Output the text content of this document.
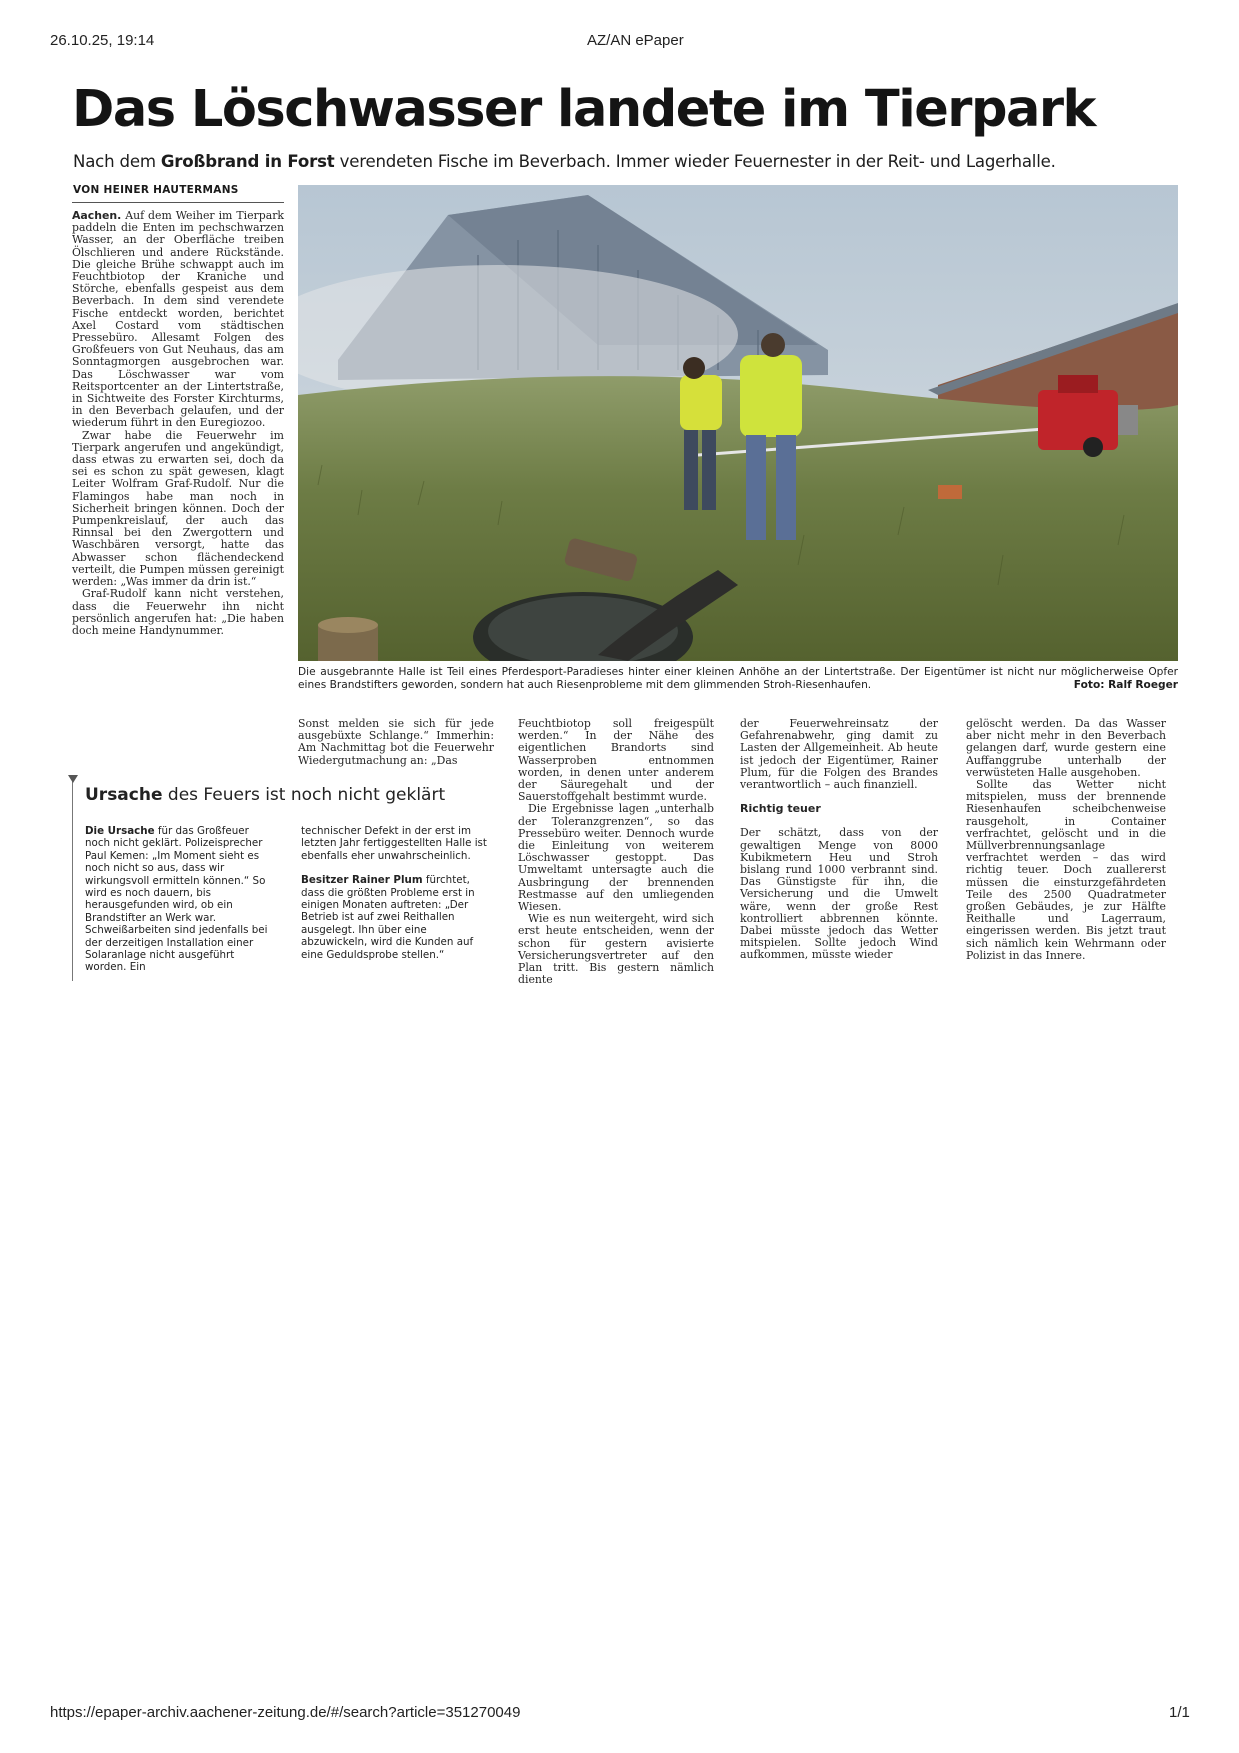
26.10.25, 19:14	AZ/AN ePaper
Das Löschwasser landete im Tierpark

Nach dem Großbrand in Forst verendeten Fische im Beverbach. Immer wieder Feuernester in der Reit- und Lagerhalle.

VON HEINER HAUTERMANS

Aachen. Auf dem Weiher im Tierpark paddeln die Enten im pechschwarzen Wasser, an der Oberfläche treiben Ölschlieren und andere Rückstände. Die gleiche Brühe schwappt auch im Feuchtbiotop der Kraniche und Störche, ebenfalls gespeist aus dem Beverbach. In dem sind verendete Fische entdeckt worden, berichtet Axel Costard vom städtischen Pressebüro. Allesamt Folgen des Großfeuers von Gut Neuhaus, das am Sonntagmorgen ausgebrochen war. Das Löschwasser war vom Reitsportcenter an der Lintertstraße, in Sichtweite des Forster Kirchturms, in den Beverbach gelaufen, und der wiederum führt in den Euregiozoo.

Zwar habe die Feuerwehr im Tierpark angerufen und angekündigt, dass etwas zu erwarten sei, doch da sei es schon zu spät gewesen, klagt Leiter Wolfram Graf-Rudolf. Nur die Flamingos habe man noch in Sicherheit bringen können. Doch der Pumpenkreislauf, der auch das Rinnsal bei den Zwergottern und Waschbären versorgt, hatte das Abwasser schon flächendeckend verteilt, die Pumpen müssen gereinigt werden: „Was immer da drin ist.“

Graf-Rudolf kann nicht verstehen, dass die Feuerwehr ihn nicht persönlich angerufen hat: „Die haben doch meine Handynummer.

Die ausgebrannte Halle ist Teil eines Pferdesport-Paradieses hinter einer kleinen Anhöhe an der Lintertstraße. Der Eigentümer ist nicht nur möglicherweise Opfer eines Brandstifters geworden, sondern hat auch Riesenprobleme mit dem glimmenden Stroh-Riesenhaufen.	Foto: Ralf Roeger

Sonst melden sie sich für jede ausgebüxte Schlange.“ Immerhin: Am Nachmittag bot die Feuerwehr Wiedergutmachung an: „Das

Feuchtbiotop soll freigespült werden.“ In der Nähe des eigentlichen Brandorts sind Wasserproben entnommen worden, in denen unter anderem der Säuregehalt und der Sauerstoffgehalt bestimmt wurde.

Die Ergebnisse lagen „unterhalb der Toleranzgrenzen“, so das Pressebüro weiter. Dennoch wurde die Einleitung von weiterem Löschwasser gestoppt. Das Umweltamt untersagte auch die Ausbringung der brennenden Restmasse auf den umliegenden Wiesen.

Wie es nun weitergeht, wird sich erst heute entscheiden, wenn der schon für gestern avisierte Versicherungsvertreter auf den Plan tritt. Bis gestern nämlich diente

der Feuerwehreinsatz der Gefahrenabwehr, ging damit zu Lasten der Allgemeinheit. Ab heute ist jedoch der Eigentümer, Rainer Plum, für die Folgen des Brandes verantwortlich – auch finanziell.

Richtig teuer

Der schätzt, dass von der gewaltigen Menge von 8000 Kubikmetern Heu und Stroh bislang rund 1000 verbrannt sind. Das Günstigste für ihn, die Versicherung und die Umwelt wäre, wenn der große Rest kontrolliert abbrennen könnte. Dabei müsste jedoch das Wetter mitspielen. Sollte jedoch Wind aufkommen, müsste wieder

gelöscht werden. Da das Wasser aber nicht mehr in den Beverbach gelangen darf, wurde gestern eine Auffanggrube unterhalb der verwüsteten Halle ausgehoben.

Sollte das Wetter nicht mitspielen, muss der brennende Riesenhaufen scheibchenweise rausgeholt, in Container verfrachtet, gelöscht und in die Müllverbrennungsanlage verfrachtet werden – das wird richtig teuer. Doch zuallererst müssen die einsturzgefährdeten Teile des 2500 Quadratmeter großen Gebäudes, je zur Hälfte Reithalle und Lagerraum, eingerissen werden. Bis jetzt traut sich nämlich kein Wehrmann oder Polizist in das Innere.

Ursache des Feuers ist noch nicht geklärt

Die Ursache für das Großfeuer noch nicht geklärt. Polizeisprecher Paul Kemen: „Im Moment sieht es noch nicht so aus, dass wir wirkungsvoll ermitteln können.“ So wird es noch dauern, bis herausgefunden wird, ob ein Brandstifter an Werk war. Schweißarbeiten sind jedenfalls bei der derzeitigen Installation einer Solaranlage nicht ausgeführt worden. Ein

technischer Defekt in der erst im letzten Jahr fertiggestellten Halle ist ebenfalls eher unwahrscheinlich.

Besitzer Rainer Plum fürchtet, dass die größten Probleme erst in einigen Monaten auftreten: „Der Betrieb ist auf zwei Reithallen ausgelegt. Ihn über eine abzuwickeln, wird die Kunden auf eine Geduldsprobe stellen.“

https://epaper-archiv.aachener-zeitung.de/#/search?article=351270049	1/1
